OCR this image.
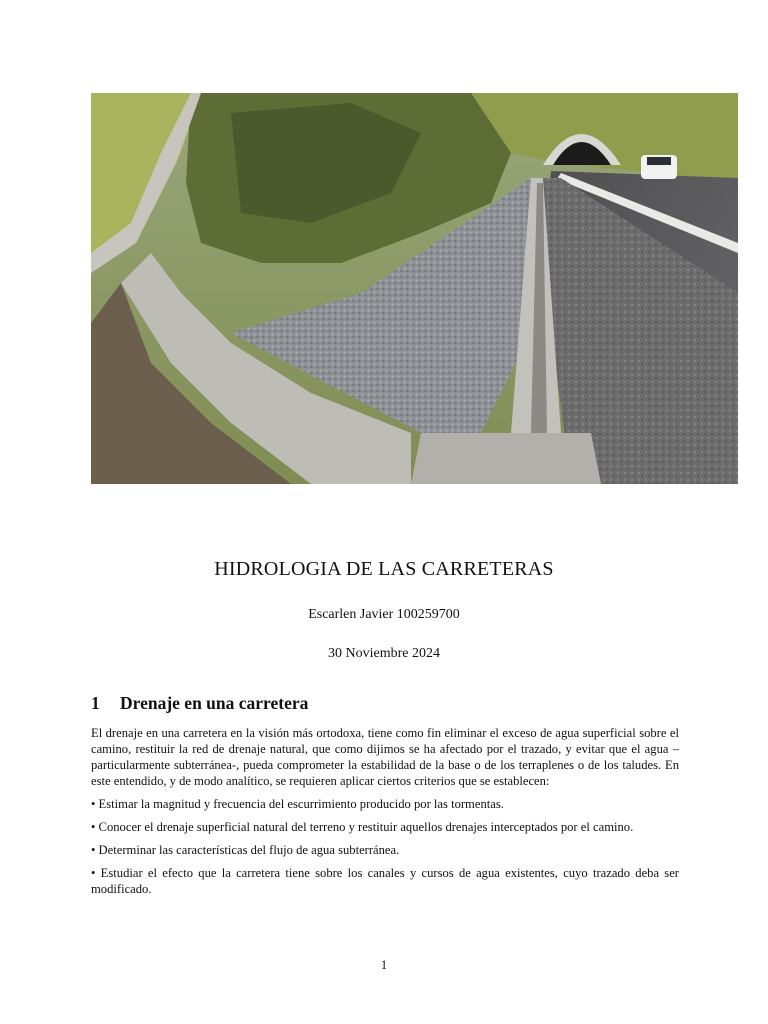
HIDROLOGIA DE LAS CARRETERAS
Escarlen Javier 100259700
30 Noviembre 2024
1 Drenaje en una carretera

El drenaje en una carretera en la visión más ortodoxa, tiene como fin eliminar el exceso de agua superficial sobre el camino, restituir la red de drenaje natural, que como dijimos se ha afectado por el trazado, y evitar que el agua –particularmente subterránea-, pueda comprometer la estabilidad de la base o de los terraplenes o de los taludes. En este entendido, y de modo analítico, se requieren aplicar ciertos criterios que se establecen:

• Estimar la magnitud y frecuencia del escurrimiento producido por las tormentas.

• Conocer el drenaje superficial natural del terreno y restituir aquellos drenajes interceptados por el camino.

• Determinar las características del flujo de agua subterránea.

• Estudiar el efecto que la carretera tiene sobre los canales y cursos de agua existentes, cuyo trazado deba ser modificado.

1
